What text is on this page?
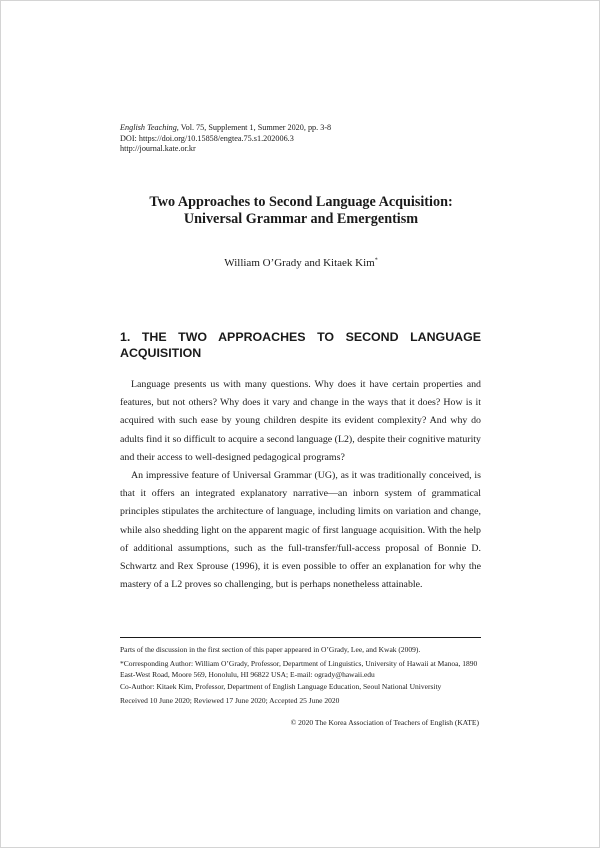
English Teaching, Vol. 75, Supplement 1, Summer 2020, pp. 3-8
DOI: https://doi.org/10.15858/engtea.75.s1.202006.3
http://journal.kate.or.kr
Two Approaches to Second Language Acquisition:
Universal Grammar and Emergentism
William O’Grady and Kitaek Kim*
1. THE TWO APPROACHES TO SECOND LANGUAGE ACQUISITION

Language presents us with many questions. Why does it have certain properties and features, but not others? Why does it vary and change in the ways that it does? How is it acquired with such ease by young children despite its evident complexity? And why do adults find it so difficult to acquire a second language (L2), despite their cognitive maturity and their access to well-designed pedagogical programs?

An impressive feature of Universal Grammar (UG), as it was traditionally conceived, is that it offers an integrated explanatory narrative—an inborn system of grammatical principles stipulates the architecture of language, including limits on variation and change, while also shedding light on the apparent magic of first language acquisition. With the help of additional assumptions, such as the full-transfer/full-access proposal of Bonnie D. Schwartz and Rex Sprouse (1996), it is even possible to offer an explanation for why the mastery of a L2 proves so challenging, but is perhaps nonetheless attainable.

Parts of the discussion in the first section of this paper appeared in O’Grady, Lee, and Kwak (2009).

*Corresponding Author: William O’Grady, Professor, Department of Linguistics, University of Hawaii at Manoa, 1890 East-West Road, Moore 569, Honolulu, HI 96822 USA; E-mail: ogrady@hawaii.edu

Co-Author: Kitaek Kim, Professor, Department of English Language Education, Seoul National University

Received 10 June 2020; Reviewed 17 June 2020; Accepted 25 June 2020

© 2020 The Korea Association of Teachers of English (KATE)
